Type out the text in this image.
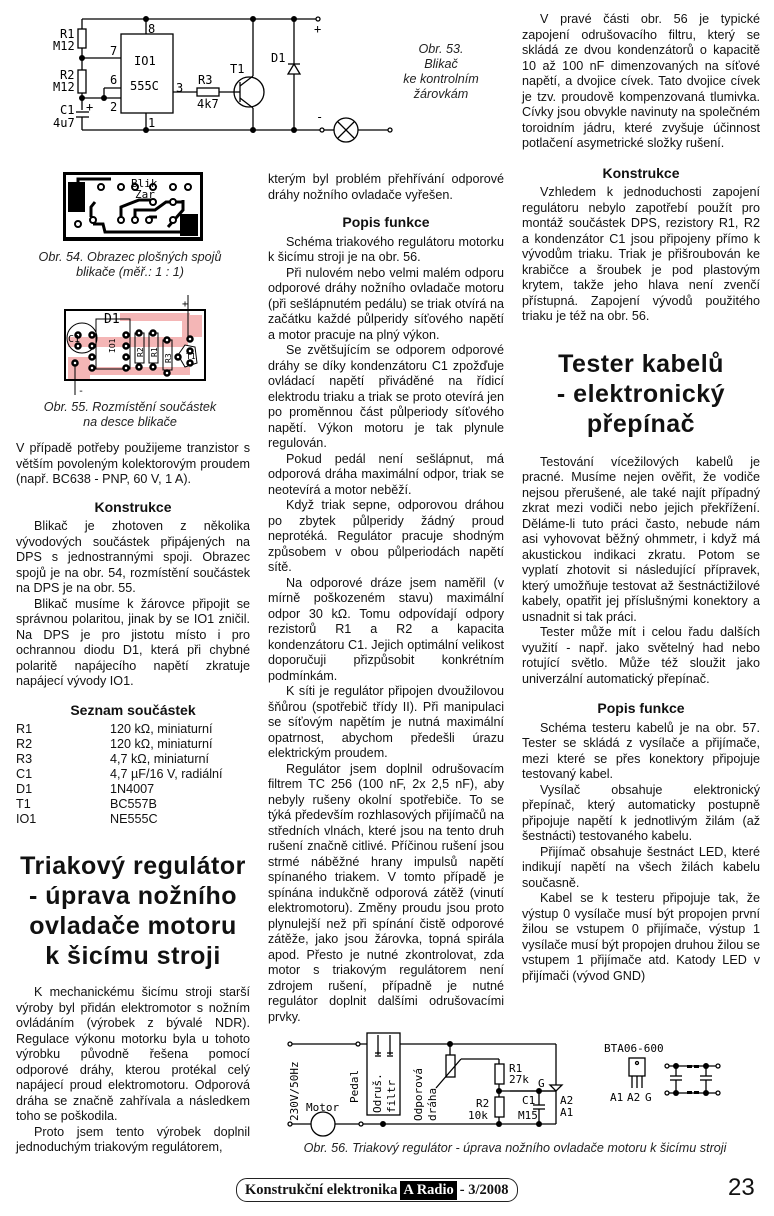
R1
M12
R2
M12
C1
4u7
+
IO1
555C
8
7
6
2
3
1
R3
4k7
T1
D1
+
-
Obr. 53.
Blikač
ke kontrolním
žárovkám
Blik
Zar
Obr. 54. Obrazec plošných spojů
blikače (měř.: 1 : 1)
D1
C1
+
-
T1
IO1 R2 R1
R3
Obr. 55. Rozmístění součástek
na desce blikače

V případě potřeby použijeme tranzistor s větším povoleným kolektorovým proudem (např. BC638 - PNP, 60 V, 1 A).

Konstrukce

Blikač je zhotoven z několika vývodových součástek připájených na DPS s jednostrannými spoji. Obrazec spojů je na obr. 54, rozmístění součástek na DPS je na obr. 55.

Blikač musíme k žárovce připojit se správnou polaritou, jinak by se IO1 zničil. Na DPS je pro jistotu místo i pro ochrannou diodu D1, která při chybné polaritě napájecího napětí zkratuje napájecí vývody IO1.

Seznam součástek
R1	120 kΩ, miniaturní
R2	120 kΩ, miniaturní
R3	4,7 kΩ, miniaturní
C1	4,7 µF/16 V, radiální
D1	1N4007
T1	BC557B
IO1	NE555C
Triakový regulátor
- úprava nožního
ovladače motoru
k šicímu stroji

K mechanickému šicímu stroji starší výroby byl přidán elektromotor s nožním ovládáním (výrobek z bývalé NDR). Regulace výkonu motorku byla u tohoto výrobku původně řešena pomocí odporové dráhy, kterou protékal celý napájecí proud elektromotoru. Odporová dráha se značně zahřívala a následkem toho se poškodila.

Proto jsem tento výrobek doplnil jednoduchým triakovým regulátorem,

kterým byl problém přehřívání odporové dráhy nožního ovladače vyřešen.

Popis funkce

Schéma triakového regulátoru motorku k šicímu stroji je na obr. 56.

Při nulovém nebo velmi malém odporu odporové dráhy nožního ovladače motoru (při sešlápnutém pedálu) se triak otvírá na začátku každé půlperidy síťového napětí a motor pracuje na plný výkon.

Se zvětšujícím se odporem odporové dráhy se díky kondenzátoru C1 zpožďuje ovládací napětí přiváděné na řídicí elektrodu triaku a triak se proto otevírá jen po proměnnou část půlperiody síťového napětí. Výkon motoru je tak plynule regulován.

Pokud pedál není sešlápnut, má odporová dráha maximální odpor, triak se neotevírá a motor neběží.

Když triak sepne, odporovou dráhou po zbytek půlperidy žádný proud neprotéká. Regulátor pracuje shodným způsobem v obou půlperiodách napětí sítě.

Na odporové dráze jsem naměřil (v mírně poškozeném stavu) maximální odpor 30 kΩ. Tomu odpovídají odpory rezistorů R1 a R2 a kapacita kondenzátoru C1. Jejich optimální velikost doporučuji přizpůsobit konkrétním podmínkám.

K síti je regulátor připojen dvoužilovou šňůrou (spotřebič třídy II). Při manipulaci se síťovým napětím je nutná maximální opatrnost, abychom předešli úrazu elektrickým proudem.

Regulátor jsem doplnil odrušovacím filtrem TC 256 (100 nF, 2x 2,5 nF), aby nebyly rušeny okolní spotřebiče. To se týká především rozhlasových přijímačů na středních vlnách, které jsou na tento druh rušení značně citlivé. Příčinou rušení jsou strmé náběžné hrany impulsů napětí spínaného triakem. V tomto případě je spínána indukčně odporová zátěž (vinutí elektromotoru). Změny proudu jsou proto plynulejší než při spínání čistě odporové zátěže, jako jsou žárovka, topná spirála apod. Přesto je nutné zkontrolovat, zda motor s triakovým regulátorem není zdrojem rušení, případně je nutné regulátor doplnit dalšími odrušovacími prvky.

V pravé části obr. 56 je typické zapojení odrušovacího filtru, který se skládá ze dvou kondenzátorů o kapacitě 10 až 100 nF dimenzovaných na síťové napětí, a dvojice cívek. Tato dvojice cívek je tzv. proudově kompenzovaná tlumivka. Cívky jsou obvykle navinuty na společném toroidním jádru, které zvyšuje účinnost potlačení asymetrické složky rušení.

Konstrukce

Vzhledem k jednoduchosti zapojení regulátoru nebylo zapotřebí použít pro montáž součástek DPS, rezistory R1, R2 a kondenzátor C1 jsou připojeny přímo k vývodům triaku. Triak je přišroubován ke krabičce a šroubek je pod plastovým krytem, takže jeho hlava není zvenčí přístupná. Zapojení vývodů použitého triaku je též na obr. 56.

Tester kabelů
- elektronický
přepínač

Testování vícežilových kabelů je pracné. Musíme nejen ověřit, že vodiče nejsou přerušené, ale také najít případný zkrat mezi vodiči nebo jejich překřížení. Děláme-li tuto práci často, nebude nám asi vyhovovat běžný ohmmetr, i když má akustickou indikaci zkratu. Potom se vyplatí zhotovit si následující přípravek, který umožňuje testovat až šestnáctižilové kabely, opatřit jej příslušnými konektory a usnadnit si tak práci.

Tester může mít i celou řadu dalších využití - např. jako světelný had nebo rotující světlo. Může též sloužit jako univerzální automatický přepínač.

Popis funkce

Schéma testeru kabelů je na obr. 57. Tester se skládá z vysílače a přijímače, mezi které se přes konektory připojuje testovaný kabel.

Vysílač obsahuje elektronický přepínač, který automaticky postupně připojuje napětí k jednotlivým žilám (až šestnácti) testovaného kabelu.

Přijímač obsahuje šestnáct LED, které indikují napětí na všech žilách kabelu současně.

Kabel se k testeru připojuje tak, že výstup 0 vysílače musí být propojen první žilou se vstupem 0 přijímače, výstup 1 vysílače musí být propojen druhou žilou se vstupem 1 přijímače atd. Katody LED v přijímači (vývod GND)

230V/50Hz Motor
Pedal Odruš. filtr Odporová dráha
R1
27k
R2
10k
C1
M15
G
A2
A1
BTA06-600
A1 A2 G
Obr. 56. Triakový regulátor - úprava nožního ovladače motoru k šicímu stroji
Konstrukční elektronika A Radio - 3/2008	23
